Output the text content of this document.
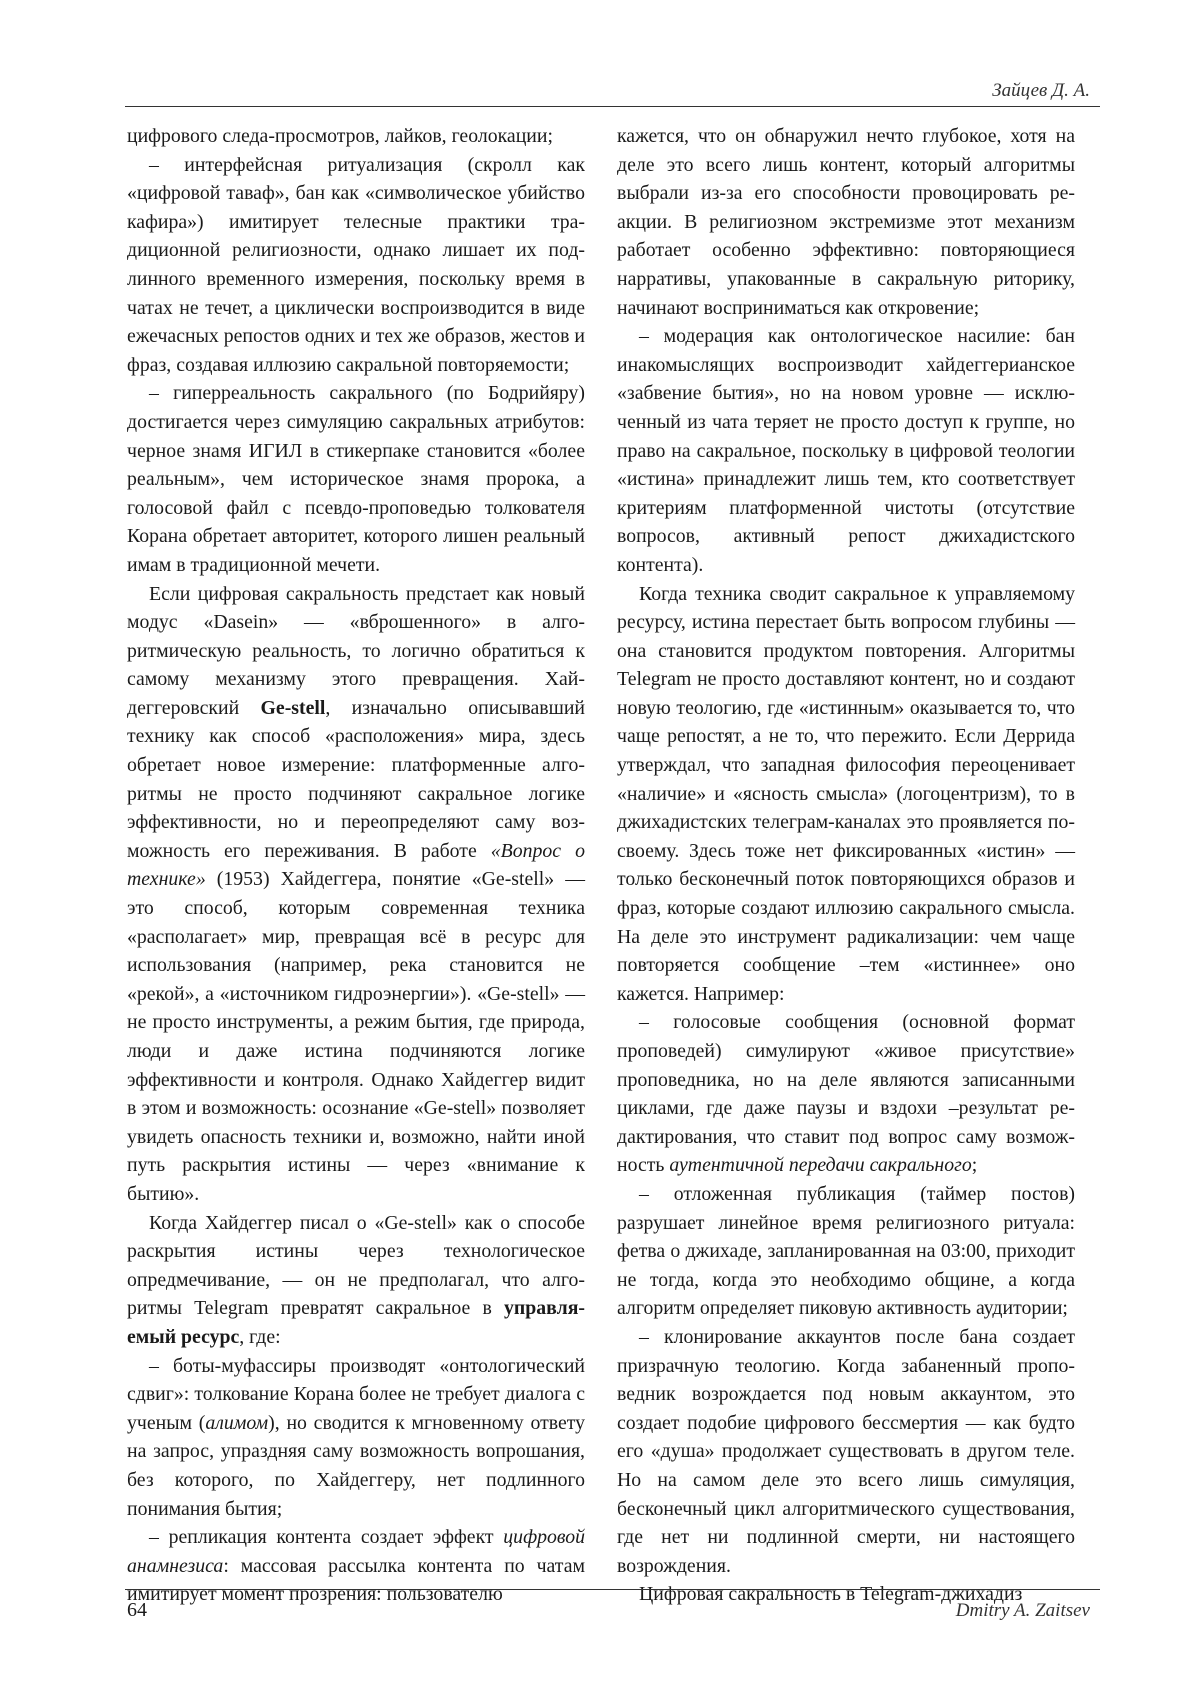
Зайцев Д. А.

цифрового следа-просмотров, лайков, геолокации;

– интерфейсная ритуализация (скролл как «цифровой таваф», бан как «символическое убийство кафира») имитирует телесные практики традиционной религиозности, однако лишает их подлинного временного измерения, поскольку время в чатах не течет, а циклически воспроизводится в виде ежечасных репостов одних и тех же образов, жестов и фраз, создавая иллюзию сакральной повторяемости;

– гиперреальность сакрального (по Бодрийяру) достигается через симуляцию сакральных атрибутов: черное знамя ИГИЛ в стикерпаке становится «более реальным», чем историческое знамя пророка, а голосовой файл с псевдо-проповедью толкователя Корана обретает авторитет, которого лишен реальный имам в традиционной мечети.

Если цифровая сакральность предстает как новый модус «Dasein» — «вброшенного» в алгоритмическую реальность, то логично обратиться к самому механизму этого превращения. Хайдеггеровский Ge-stell, изначально описывавший технику как способ «расположения» мира, здесь обретает новое измерение: платформенные алгоритмы не просто подчиняют сакральное логике эффективности, но и переопределяют саму возможность его переживания. В работе «Вопрос о технике» (1953) Хайдеггера, понятие «Ge-stell» — это способ, которым современная техника «располагает» мир, превращая всё в ресурс для использования (например, река становится не «рекой», а «источником гидроэнергии»). «Ge-stell» — не просто инструменты, а режим бытия, где природа, люди и даже истина подчиняются логике эффективности и контроля. Однако Хайдеггер видит в этом и возможность: осознание «Ge-stell» позволяет увидеть опасность техники и, возможно, найти иной путь раскрытия истины — через «внимание к бытию».

Когда Хайдеггер писал о «Ge-stell» как о способе раскрытия истины через технологическое опредмечивание, — он не предполагал, что алгоритмы Telegram превратят сакральное в управляемый ресурс, где:

– боты-муфассиры производят «онтологический сдвиг»: толкование Корана более не требует диалога с ученым (алимом), но сводится к мгновенному ответу на запрос, упраздняя саму возможность вопрошания, без которого, по Хайдеггеру, нет подлинного понимания бытия;

– репликация контента создает эффект цифровой анамнезиса: массовая рассылка контента по чатам имитирует момент прозрения: пользователю

кажется, что он обнаружил нечто глубокое, хотя на деле это всего лишь контент, который алгоритмы выбрали из-за его способности провоцировать реакции. В религиозном экстремизме этот механизм работает особенно эффективно: повторяющиеся нарративы, упакованные в сакральную риторику, начинают восприниматься как откровение;

– модерация как онтологическое насилие: бан инакомыслящих воспроизводит хайдеггерианское «забвение бытия», но на новом уровне — исключенный из чата теряет не просто доступ к группе, но право на сакральное, поскольку в цифровой теологии «истина» принадлежит лишь тем, кто соответствует критериям платформенной чистоты (отсутствие вопросов, активный репост джихадистского контента).

Когда техника сводит сакральное к управляемому ресурсу, истина перестает быть вопросом глубины — она становится продуктом повторения. Алгоритмы Telegram не просто доставляют контент, но и создают новую теологию, где «истинным» оказывается то, что чаще репостят, а не то, что пережито. Если Деррида утверждал, что западная философия переоценивает «наличие» и «ясность смысла» (логоцентризм), то в джихадистских телеграм-каналах это проявляется по-своему. Здесь тоже нет фиксированных «истин» — только бесконечный поток повторяющихся образов и фраз, которые создают иллюзию сакрального смысла. На деле это инструмент радикализации: чем чаще повторяется сообщение –тем «истиннее» оно кажется. Например:

– голосовые сообщения (основной формат проповедей) симулируют «живое присутствие» проповедника, но на деле являются записанными циклами, где даже паузы и вздохи –результат редактирования, что ставит под вопрос саму возможность аутентичной передачи сакрального;

– отложенная публикация (таймер постов) разрушает линейное время религиозного ритуала: фетва о джихаде, запланированная на 03:00, приходит не тогда, когда это необходимо общине, а когда алгоритм определяет пиковую активность аудитории;

– клонирование аккаунтов после бана создает призрачную теологию. Когда забаненный проповедник возрождается под новым аккаунтом, это создает подобие цифрового бессмертия — как будто его «душа» продолжает существовать в другом теле. Но на самом деле это всего лишь симуляция, бесконечный цикл алгоритмического существования, где нет ни подлинной смерти, ни настоящего возрождения.

Цифровая сакральность в Telegram-джихадиз

64	Dmitry A. Zaitsev
